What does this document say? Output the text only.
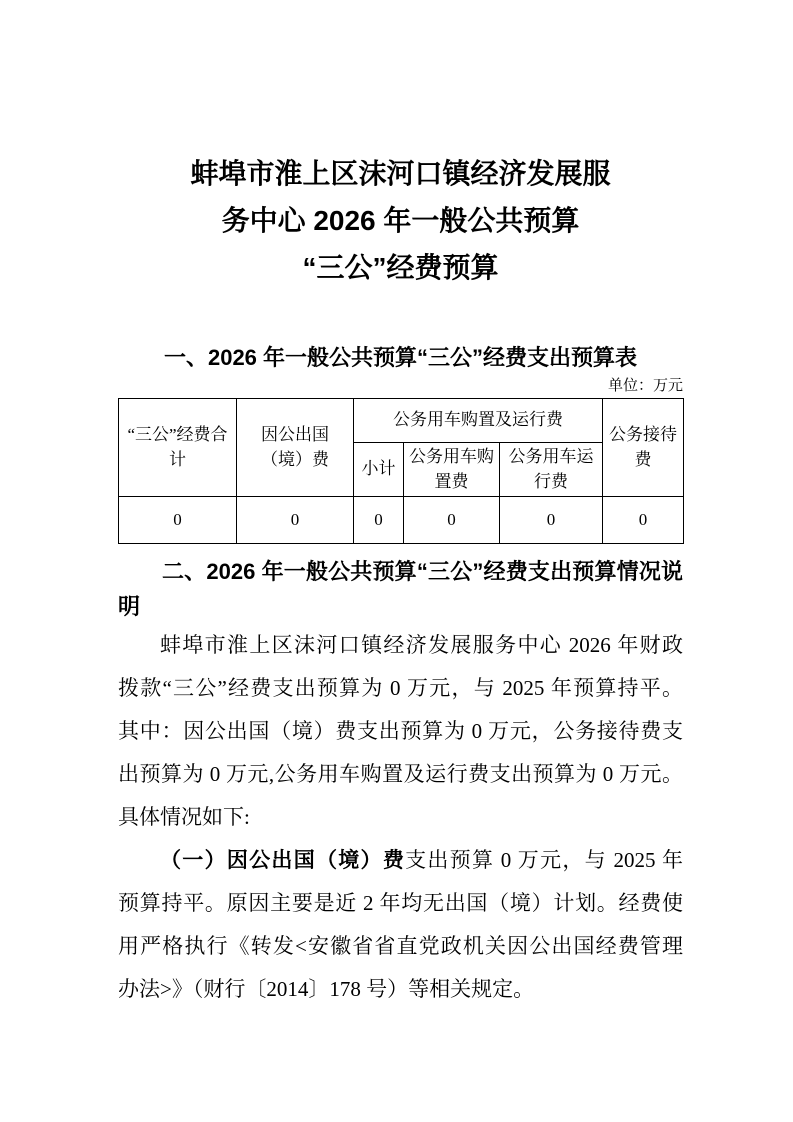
蚌埠市淮上区沫河口镇经济发展服
务中心 2026 年一般公共预算
“三公”经费预算
一、2026 年一般公共预算“三公”经费支出预算表
单位：万元
“三公”经费合计	因公出国（境）费	公务用车购置及运行费			公务接待费
		小计	公务用车购置费	公务用车运行费	
0	0	0	0	0	0
二、2026 年一般公共预算“三公”经费支出预算情况说
明
蚌埠市淮上区沫河口镇经济发展服务中心 2026 年财政
拨款“三公”经费支出预算为 0 万元，与 2025 年预算持平。
其中：因公出国（境）费支出预算为 0 万元，公务接待费支
出预算为 0 万元,公务用车购置及运行费支出预算为 0 万元。
具体情况如下:
（一）因公出国（境）费支出预算 0 万元，与 2025 年
预算持平。原因主要是近 2 年均无出国（境）计划。经费使
用严格执行《转发<安徽省省直党政机关因公出国经费管理
办法>》（财行〔2014〕178 号）等相关规定。
